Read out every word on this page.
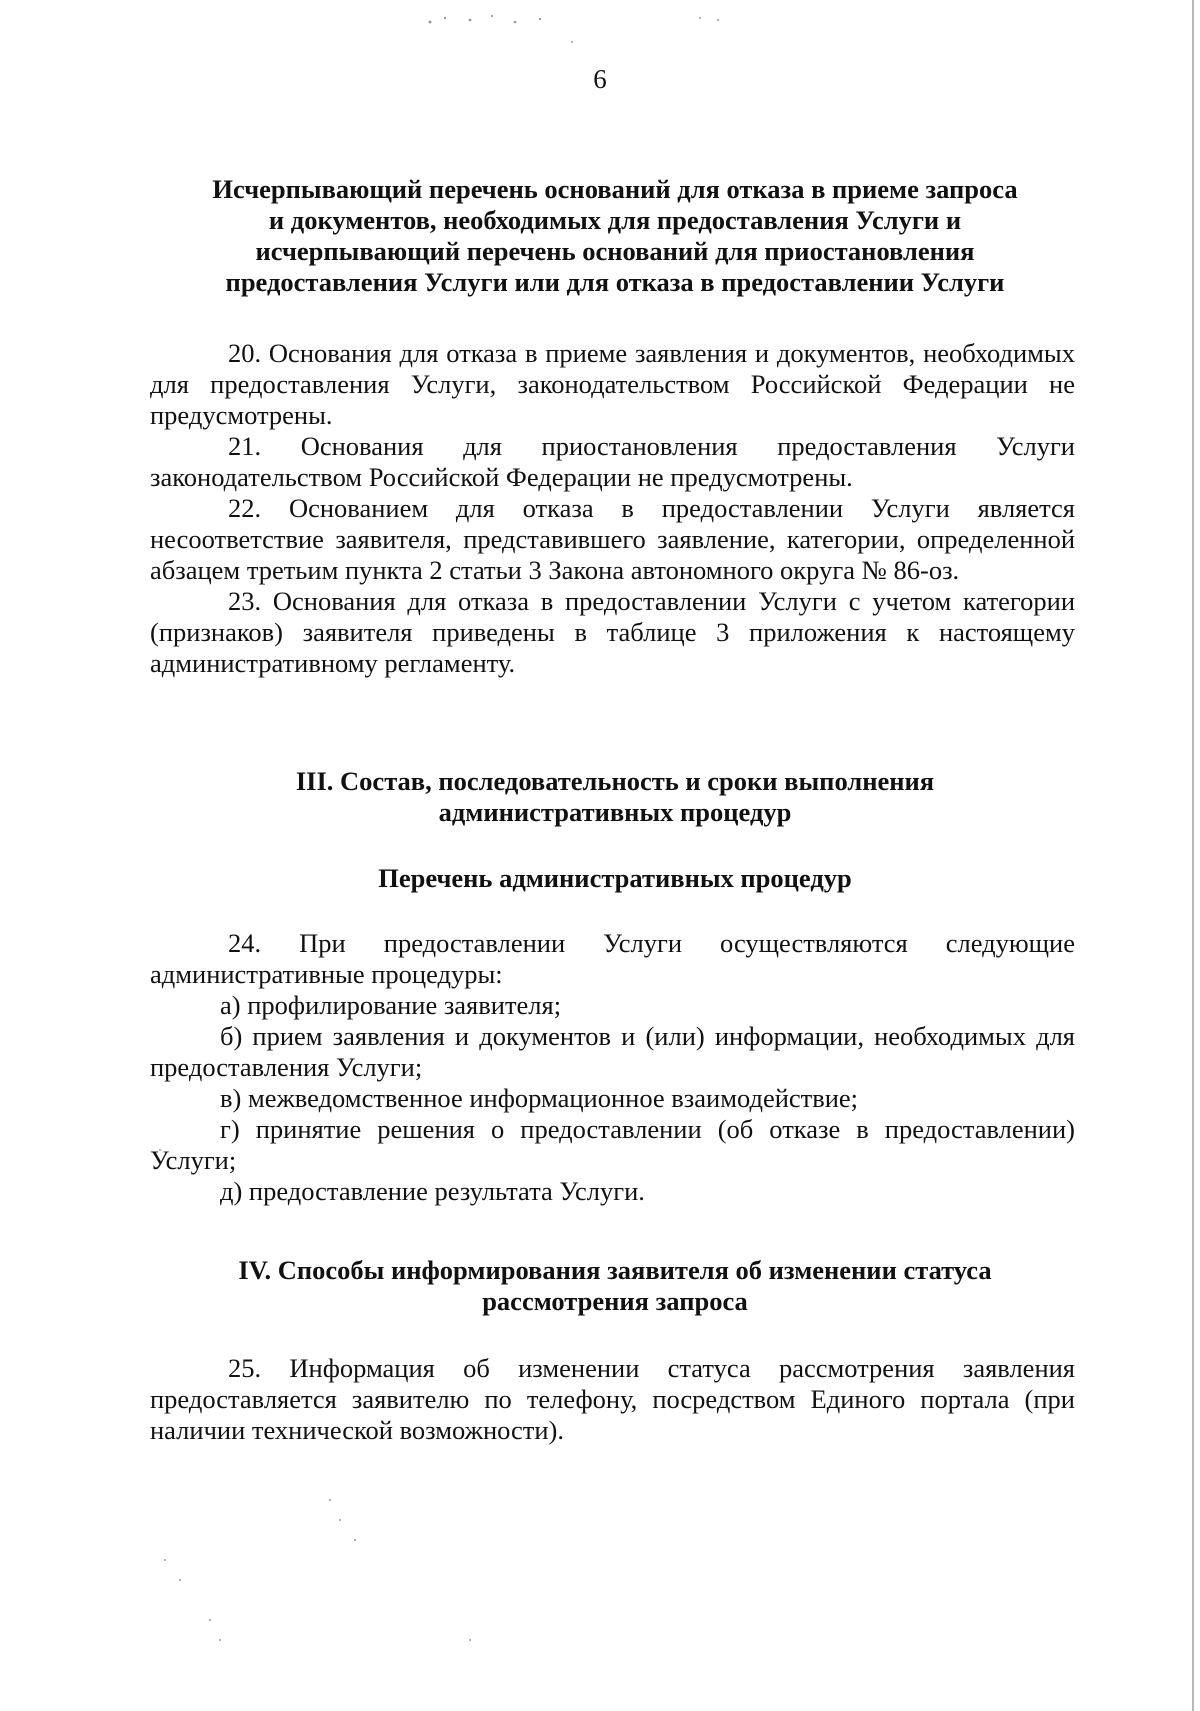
6
Исчерпывающий перечень оснований для отказа в приеме запроса
и документов, необходимых для предоставления Услуги и
исчерпывающий перечень оснований для приостановления
предоставления Услуги или для отказа в предоставлении Услуги

20. Основания для отказа в приеме заявления и документов, необходимых для предоставления Услуги, законодательством Российской Федерации не предусмотрены.

21. Основания для приостановления предоставления Услуги законодательством Российской Федерации не предусмотрены.

22. Основанием для отказа в предоставлении Услуги является несоответствие заявителя, представившего заявление, категории, определенной абзацем третьим пункта 2 статьи 3 Закона автономного округа № 86-оз.

23. Основания для отказа в предоставлении Услуги с учетом категории (признаков) заявителя приведены в таблице 3 приложения к настоящему административному регламенту.

III. Состав, последовательность и сроки выполнения
административных процедур
Перечень административных процедур

24. При предоставлении Услуги осуществляются следующие административные процедуры:

а) профилирование заявителя;

б) прием заявления и документов и (или) информации, необходимых для предоставления Услуги;

в) межведомственное информационное взаимодействие;

г) принятие решения о предоставлении (об отказе в предоставлении) Услуги;

д) предоставление результата Услуги.

IV. Способы информирования заявителя об изменении статуса
рассмотрения запроса

25. Информация об изменении статуса рассмотрения заявления предоставляется заявителю по телефону, посредством Единого портала (при наличии технической возможности).
